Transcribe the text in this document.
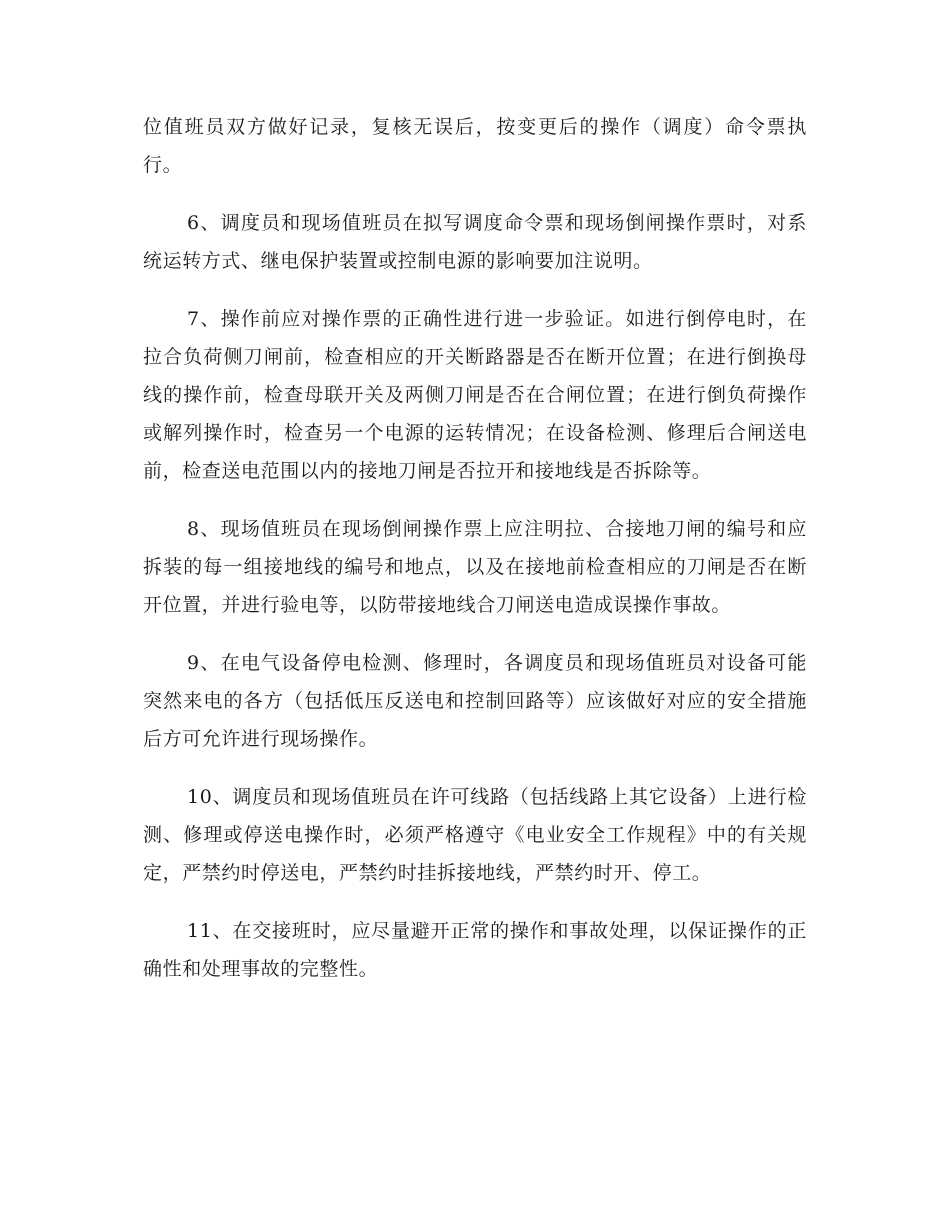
位值班员双方做好记录，复核无误后，按变更后的操作（调度）命令票执行。

6、调度员和现场值班员在拟写调度命令票和现场倒闸操作票时，对系统运转方式、继电保护装置或控制电源的影响要加注说明。

7、操作前应对操作票的正确性进行进一步验证。如进行倒停电时，在拉合负荷侧刀闸前，检查相应的开关断路器是否在断开位置；在进行倒换母线的操作前，检查母联开关及两侧刀闸是否在合闸位置；在进行倒负荷操作或解列操作时，检查另一个电源的运转情况；在设备检测、修理后合闸送电前，检查送电范围以内的接地刀闸是否拉开和接地线是否拆除等。

8、现场值班员在现场倒闸操作票上应注明拉、合接地刀闸的编号和应拆装的每一组接地线的编号和地点，以及在接地前检查相应的刀闸是否在断开位置，并进行验电等，以防带接地线合刀闸送电造成误操作事故。

9、在电气设备停电检测、修理时，各调度员和现场值班员对设备可能突然来电的各方（包括低压反送电和控制回路等）应该做好对应的安全措施后方可允许进行现场操作。

10、调度员和现场值班员在许可线路（包括线路上其它设备）上进行检测、修理或停送电操作时，必须严格遵守《电业安全工作规程》中的有关规定，严禁约时停送电，严禁约时挂拆接地线，严禁约时开、停工。

11、在交接班时，应尽量避开正常的操作和事故处理，以保证操作的正确性和处理事故的完整性。
